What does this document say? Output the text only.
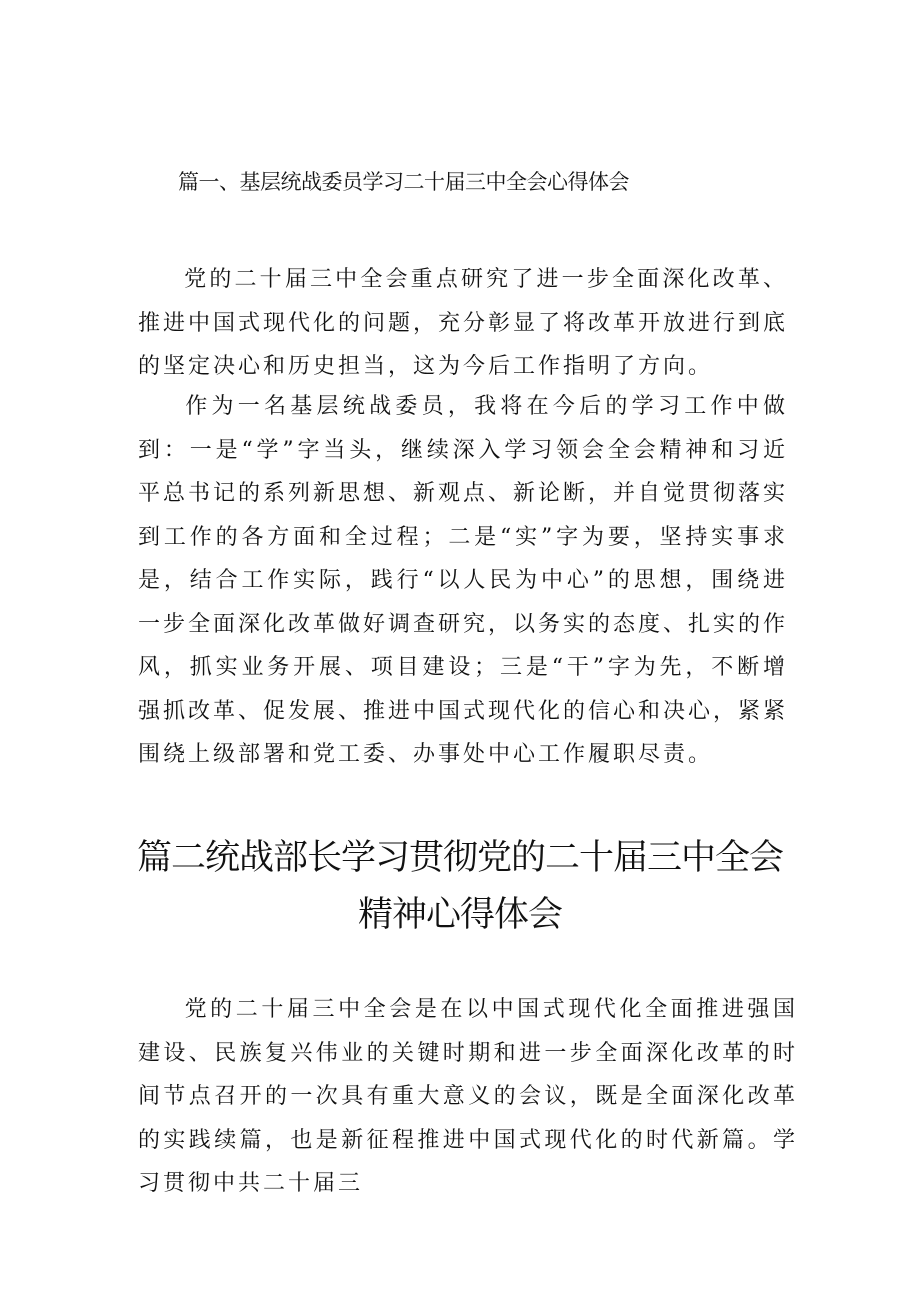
篇一、基层统战委员学习二十届三中全会心得体会

党的二十届三中全会重点研究了进一步全面深化改革、推进中国式现代化的问题，充分彰显了将改革开放进行到底的坚定决心和历史担当，这为今后工作指明了方向。

作为一名基层统战委员，我将在今后的学习工作中做到：一是“学”字当头，继续深入学习领会全会精神和习近平总书记的系列新思想、新观点、新论断，并自觉贯彻落实到工作的各方面和全过程；二是“实”字为要，坚持实事求是，结合工作实际，践行“以人民为中心”的思想，围绕进一步全面深化改革做好调查研究，以务实的态度、扎实的作风，抓实业务开展、项目建设；三是“干”字为先，不断增强抓改革、促发展、推进中国式现代化的信心和决心，紧紧围绕上级部署和党工委、办事处中心工作履职尽责。

篇二统战部长学习贯彻党的二十届三中全会精神心得体会

党的二十届三中全会是在以中国式现代化全面推进强国建设、民族复兴伟业的关键时期和进一步全面深化改革的时间节点召开的一次具有重大意义的会议，既是全面深化改革的实践续篇，也是新征程推进中国式现代化的时代新篇。学习贯彻中共二十届三
